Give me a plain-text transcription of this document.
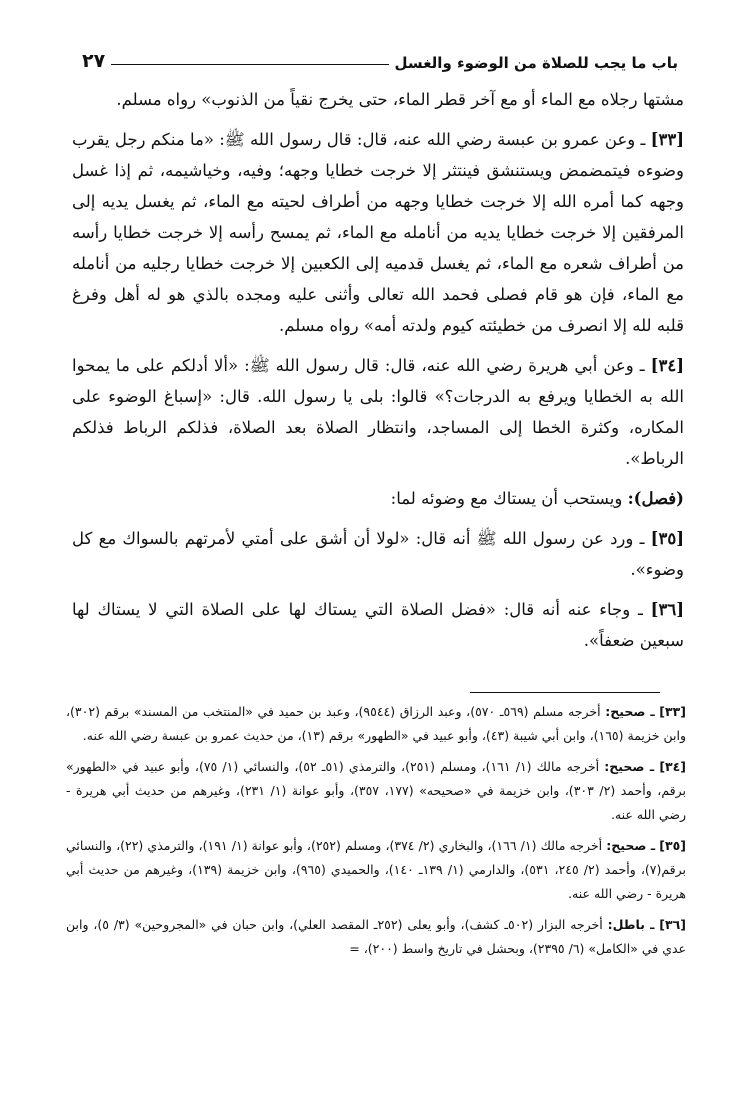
باب ما يجب للصلاة من الوضوء والغسل
٢٧

مشتها رجلاه مع الماء أو مع آخر قطر الماء، حتى يخرج نقياً من الذنوب» رواه مسلم.

[٣٣] ـ وعن عمرو بن عبسة رضي الله عنه، قال: قال رسول الله ﷺ: «ما منكم رجل يقرب وضوءه فيتمضمض ويستنشق فينتثر إلا خرجت خطايا وجهه؛ وفيه، وخياشيمه، ثم إذا غسل وجهه كما أمره الله إلا خرجت خطايا وجهه من أطراف لحيته مع الماء، ثم يغسل يديه إلى المرفقين إلا خرجت خطايا يديه من أنامله مع الماء، ثم يمسح رأسه إلا خرجت خطايا رأسه من أطراف شعره مع الماء، ثم يغسل قدميه إلى الكعبين إلا خرجت خطايا رجليه من أنامله مع الماء، فإن هو قام فصلى فحمد الله تعالى وأثنى عليه ومجده بالذي هو له أهل وفرغ قلبه لله إلا انصرف من خطيئته كيوم ولدته أمه» رواه مسلم.

[٣٤] ـ وعن أبي هريرة رضي الله عنه، قال: قال رسول الله ﷺ: «ألا أدلكم على ما يمحوا الله به الخطايا ويرفع به الدرجات؟» قالوا: بلى يا رسول الله. قال: «إسباغ الوضوء على المكاره، وكثرة الخطا إلى المساجد، وانتظار الصلاة بعد الصلاة، فذلكم الرباط فذلكم الرباط».

(فصل): ويستحب أن يستاك مع وضوئه لما:

[٣٥] ـ ورد عن رسول الله ﷺ أنه قال: «لولا أن أشق على أمتي لأمرتهم بالسواك مع كل وضوء».

[٣٦] ـ وجاء عنه أنه قال: «فضل الصلاة التي يستاك لها على الصلاة التي لا يستاك لها سبعين ضعفاً».

[٣٣] ـ صحيح: أخرجه مسلم (٥٦٩ـ ٥٧٠)، وعبد الرزاق (٩٥٤٤)، وعبد بن حميد في «المنتخب من المسند» برقم (٣٠٢)، وابن خزيمة (١٦٥)، وابن أبي شيبة (٤٣)، وأبو عبيد في «الطهور» برقم (١٣)، من حديث عمرو بن عبسة رضي الله عنه.

[٣٤] ـ صحيح: أخرجه مالك (١/ ١٦١)، ومسلم (٢٥١)، والترمذي (٥١ـ ٥٢)، والنسائي (١/ ٧٥)، وأبو عبيد في «الطهور» برقم، وأحمد (٢/ ٣٠٣)، وابن خزيمة في «صحيحه» (١٧٧، ٣٥٧)، وأبو عوانة (١/ ٢٣١)، وغيرهم من حديث أبي هريرة - رضي الله عنه.

[٣٥] ـ صحيح: أخرجه مالك (١/ ١٦٦)، والبخاري (٢/ ٣٧٤)، ومسلم (٢٥٢)، وأبو عوانة (١/ ١٩١)، والترمذي (٢٢)، والنسائي برقم(٧)، وأحمد (٢/ ٢٤٥، ٥٣١)، والدارمي (١/ ١٣٩ـ ١٤٠)، والحميدي (٩٦٥)، وابن خزيمة (١٣٩)، وغيرهم من حديث أبي هريرة - رضي الله عنه.

[٣٦] ـ باطل: أخرجه البزار (٥٠٢ـ كشف)، وأبو يعلى (٢٥٢ـ المقصد العلي)، وابن حبان في «المجروحين» (٣/ ٥)، وابن عدي في «الكامل» (٦/ ٢٣٩٥)، وبحشل في تاريخ واسط (٢٠٠)، =
